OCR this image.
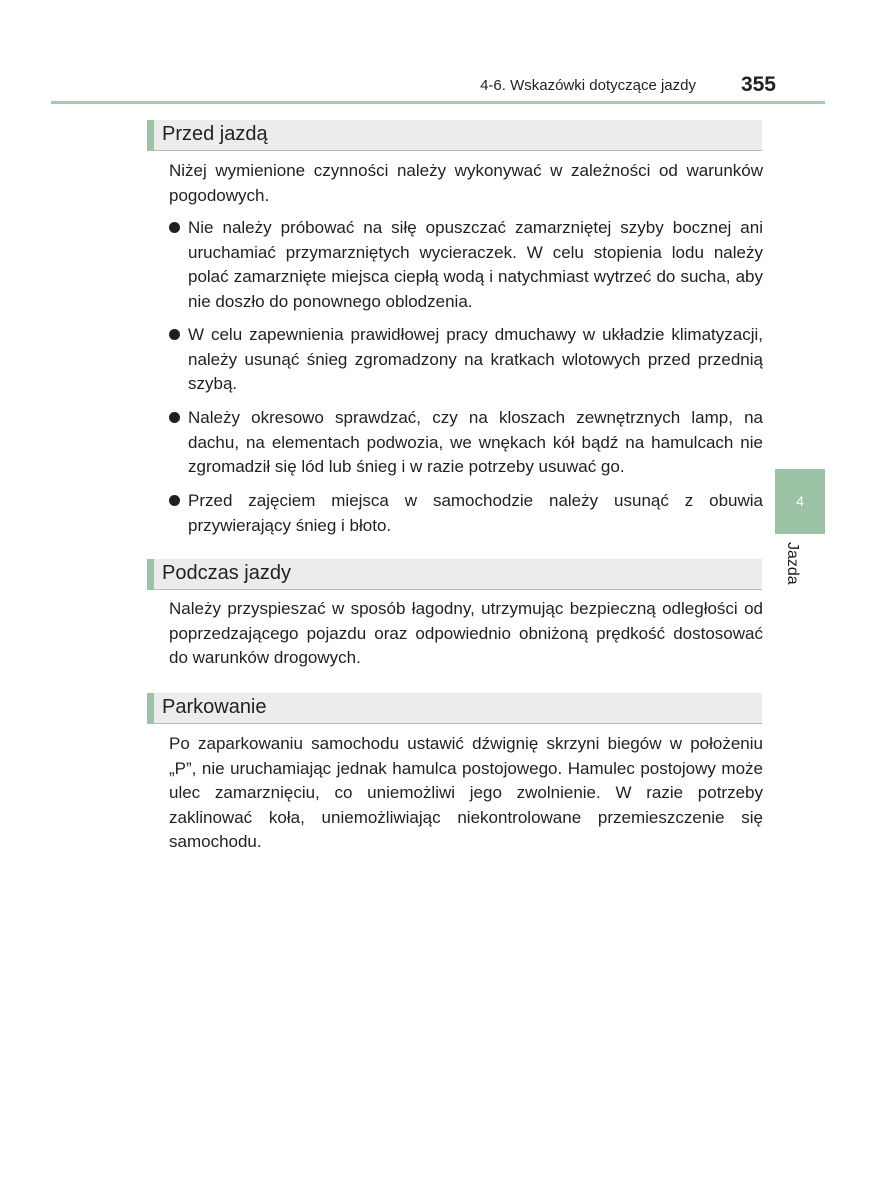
4-6. Wskazówki dotyczące jazdy	355
Przed jazdą

Niżej wymienione czynności należy wykonywać w zależności od warunków pogodowych.

Nie należy próbować na siłę opuszczać zamarzniętej szyby bocznej ani uruchamiać przymarzniętych wycieraczek. W celu stopienia lodu należy polać zamarznięte miejsca ciepłą wodą i natychmiast wytrzeć do sucha, aby nie doszło do ponownego oblodzenia.

W celu zapewnienia prawidłowej pracy dmuchawy w układzie klimatyzacji, należy usunąć śnieg zgromadzony na kratkach wlotowych przed przednią szybą.

Należy okresowo sprawdzać, czy na kloszach zewnętrznych lamp, na dachu, na elementach podwozia, we wnękach kół bądź na hamulcach nie zgromadził się lód lub śnieg i w razie potrzeby usuwać go.

Przed zajęciem miejsca w samochodzie należy usunąć z obuwia przywierający śnieg i błoto.

Podczas jazdy

Należy przyspieszać w sposób łagodny, utrzymując bezpieczną odległości od poprzedzającego pojazdu oraz odpowiednio obniżoną prędkość dostosować do warunków drogowych.

Parkowanie

Po zaparkowaniu samochodu ustawić dźwignię skrzyni biegów w położeniu „P”, nie uruchamiając jednak hamulca postojowego. Hamulec postojowy może ulec zamarznięciu, co uniemożliwi jego zwolnienie. W razie potrzeby zaklinować koła, uniemożliwiając niekontrolowane przemieszczenie się samochodu.

4
Jazda
